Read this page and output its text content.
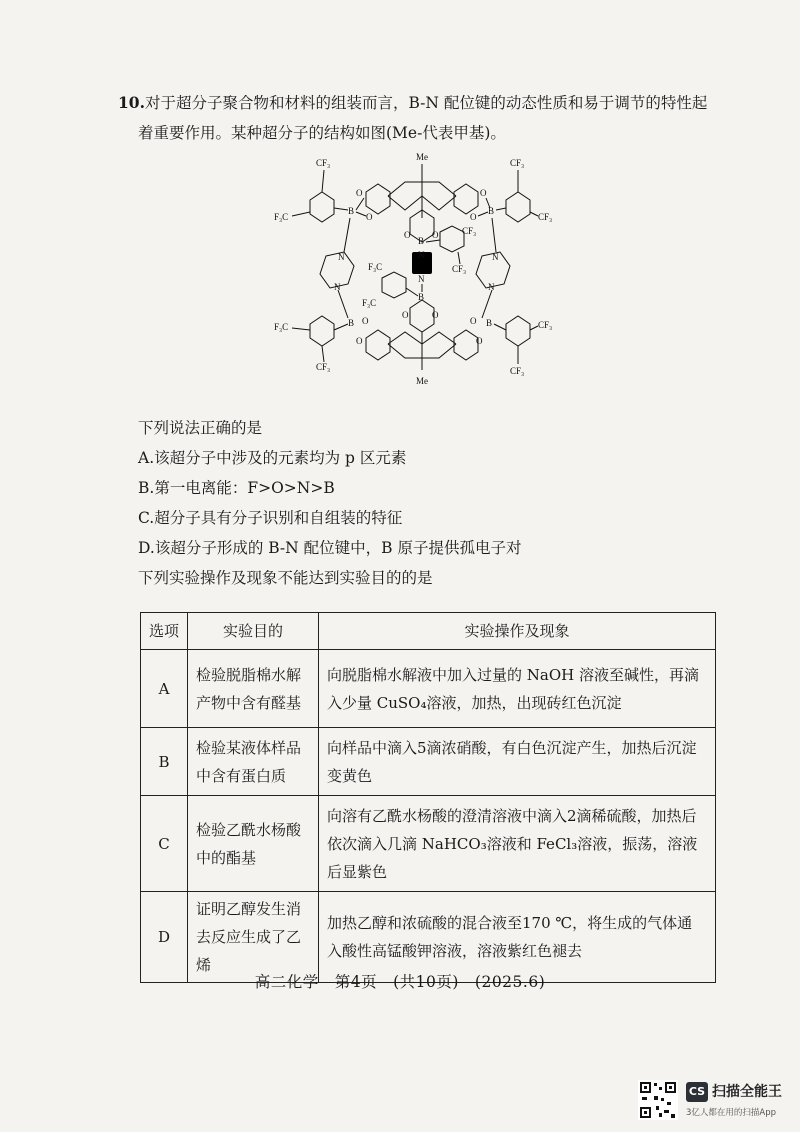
10.对于超分子聚合物和材料的组装而言，B-N 配位键的动态性质和易于调节的特性起
着重要作用。某种超分子的结构如图(Me-代表甲基)。
Me
O
O
B
CF₃
F₃C
O
O
B
CF₃
CF₃
O O
B
CF₃
CF₃
N
N
B
N
N
N
N
F₃C
F₃C
O	O
Me
B O
O
F₃C
CF₃
B
O
O
CF₃
CF₃
下列说法正确的是
A.该超分子中涉及的元素均为 p 区元素
B.第一电离能：F>O>N>B
C.超分子具有分子识别和自组装的特征
D.该超分子形成的 B-N 配位键中，B 原子提供孤电子对
下列实验操作及现象不能达到实验目的的是
选项	实验目的	实验操作及现象
A	检验脱脂棉水解产物中含有醛基	向脱脂棉水解液中加入过量的 NaOH 溶液至碱性，再滴入少量 CuSO₄溶液，加热，出现砖红色沉淀
B	检验某液体样品中含有蛋白质	向样品中滴入5滴浓硝酸，有白色沉淀产生，加热后沉淀变黄色
C	检验乙酰水杨酸中的酯基	向溶有乙酰水杨酸的澄清溶液中滴入2滴稀硫酸，加热后依次滴入几滴 NaHCO₃溶液和 FeCl₃溶液，振荡，溶液后显紫色
D	证明乙醇发生消去反应生成了乙烯	加热乙醇和浓硫酸的混合液至170 ℃，将生成的气体通入酸性高锰酸钾溶液，溶液紫红色褪去
高二化学　第4页　(共10页)　(2025.6)
CS 扫描全能王
3亿人都在用的扫描App
